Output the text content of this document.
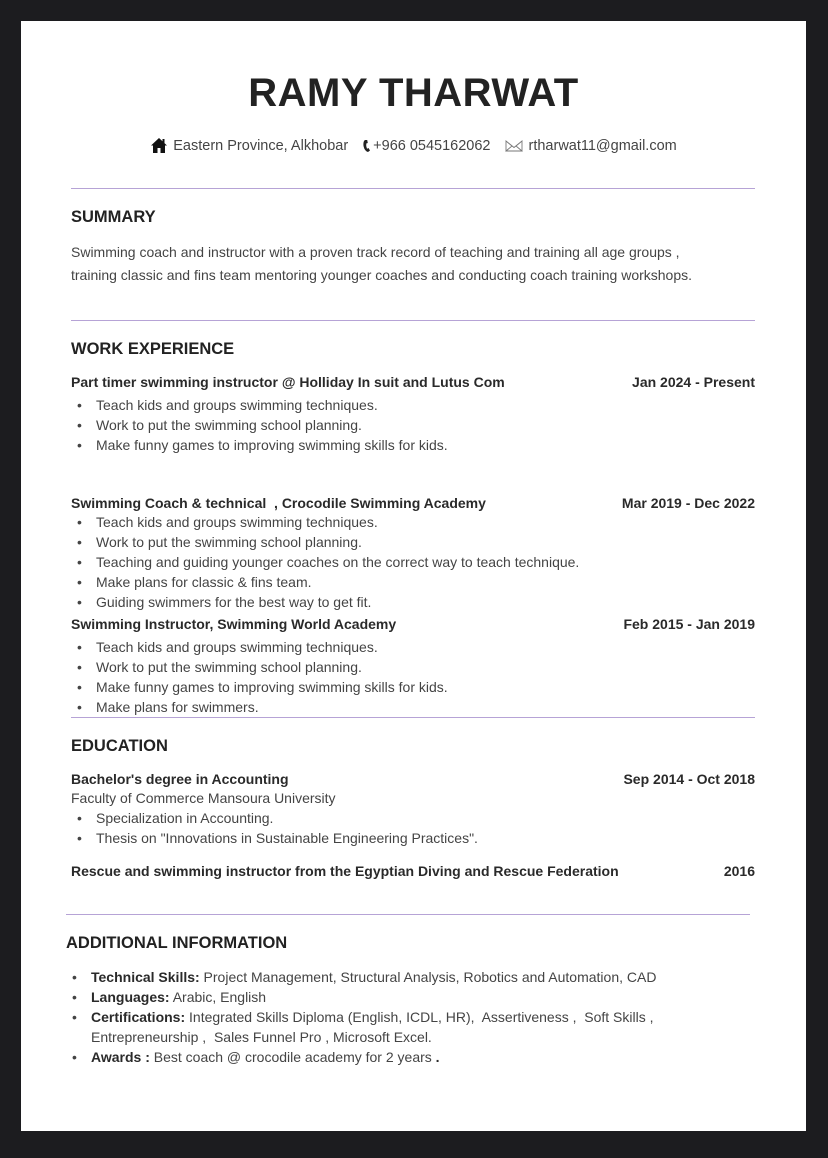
RAMY THARWAT
Eastern Province, Alkhobar +966 0545162062	rtharwat11@gmail.com
SUMMARY
Swimming coach and instructor with a proven track record of teaching and training all age groups ,
training classic and fins team mentoring younger coaches and conducting coach training workshops.
WORK EXPERIENCE
Part timer swimming instructor @ Holliday In suit and Lutus Com	Jan 2024 - Present
• Teach kids and groups swimming techniques.
• Work to put the swimming school planning.
• Make funny games to improving swimming skills for kids.
Swimming Coach & technical  , Crocodile Swimming Academy	Mar 2019 - Dec 2022
• Teach kids and groups swimming techniques.
• Work to put the swimming school planning.
• Teaching and guiding younger coaches on the correct way to teach technique.
• Make plans for classic & fins team.
• Guiding swimmers for the best way to get fit.
Swimming Instructor, Swimming World Academy	Feb 2015 - Jan 2019
• Teach kids and groups swimming techniques.
• Work to put the swimming school planning.
• Make funny games to improving swimming skills for kids.
• Make plans for swimmers.
EDUCATION
Bachelor's degree in Accounting	Sep 2014 - Oct 2018
Faculty of Commerce Mansoura University
• Specialization in Accounting.
• Thesis on "Innovations in Sustainable Engineering Practices".
Rescue and swimming instructor from the Egyptian Diving and Rescue Federation	2016
ADDITIONAL INFORMATION
• Technical Skills: Project Management, Structural Analysis, Robotics and Automation, CAD
• Languages: Arabic, English
• Certifications: Integrated Skills Diploma (English, ICDL, HR),  Assertiveness ,  Soft Skills ,
Entrepreneurship ,  Sales Funnel Pro , Microsoft Excel.
• Awards : Best coach @ crocodile academy for 2 years .
